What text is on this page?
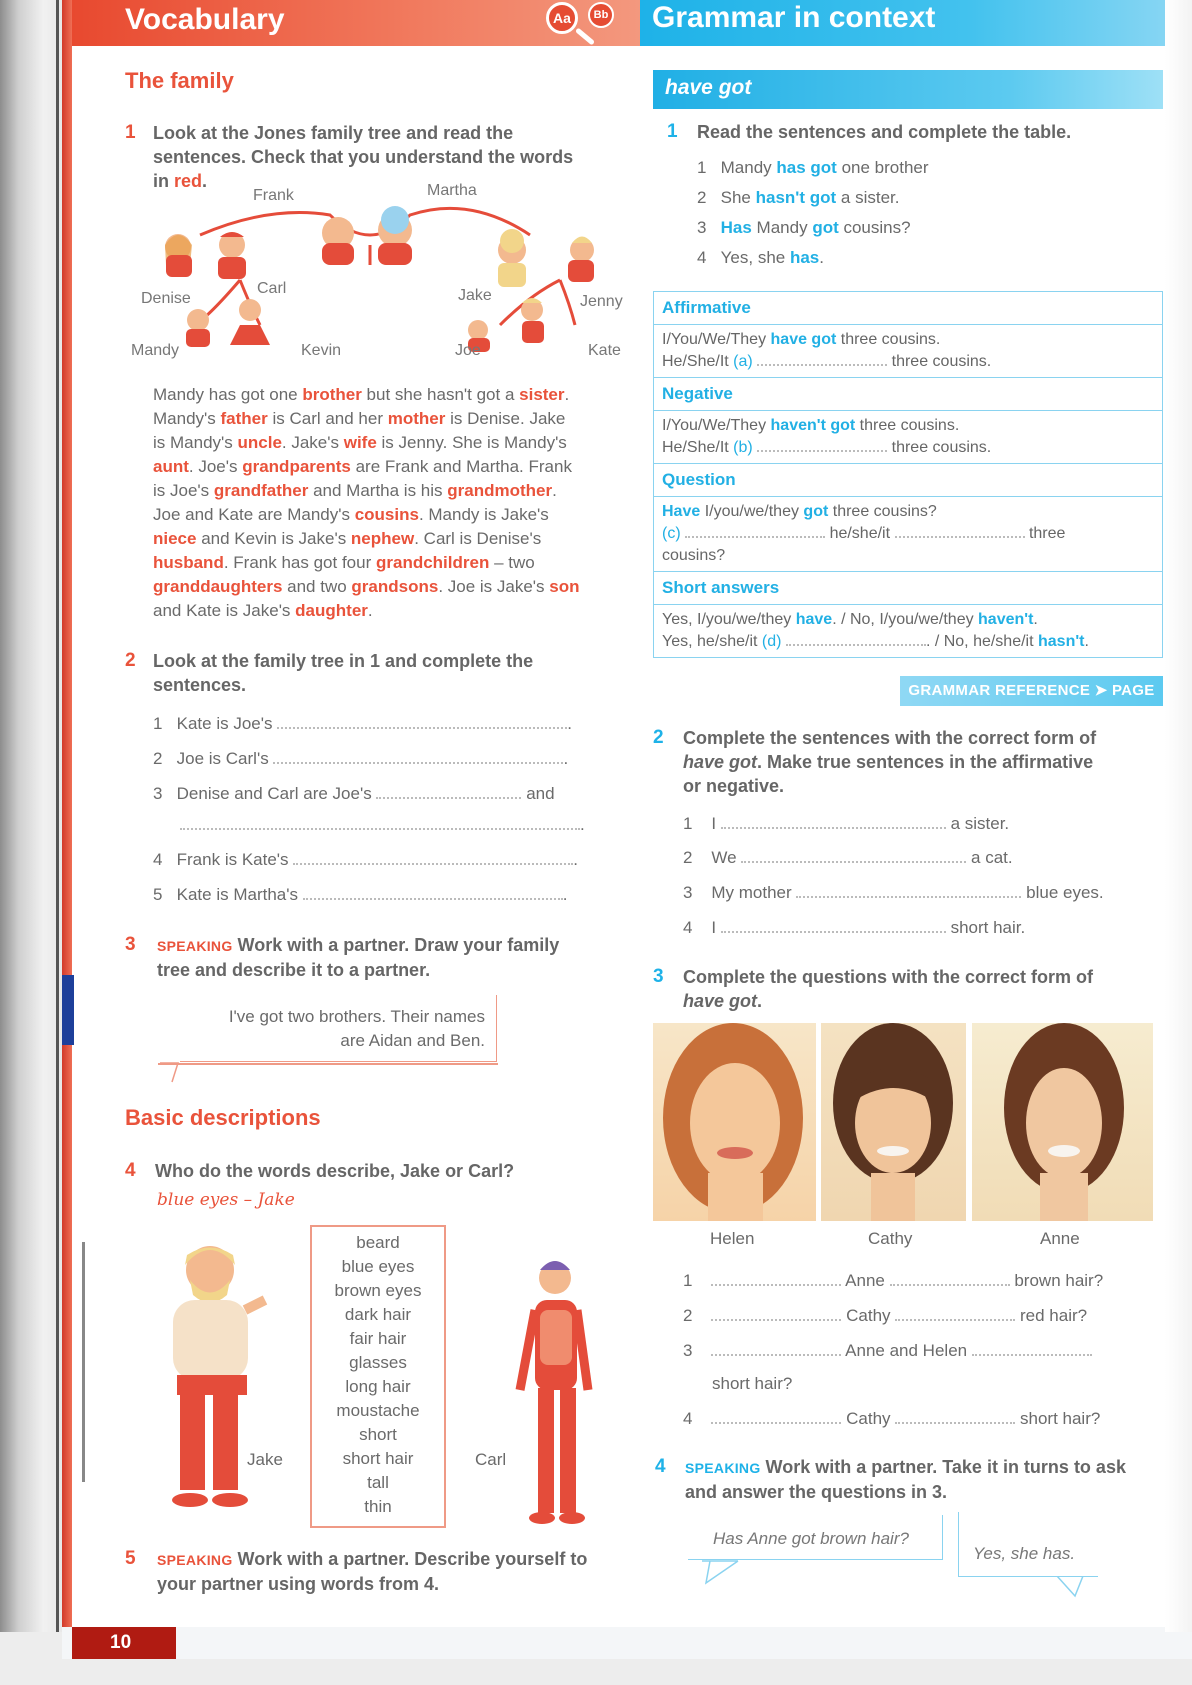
10
Vocabulary	Aa	Bb Grammar in context
The family
1 Look at the Jones family tree and read the
sentences. Check that you understand the words
in red.
Frank	Martha
Denise
Carl	Jake	Jenny
Mandy	Kevin	Joe	Kate
Mandy has got one brother but she hasn't got a sister.
Mandy's father is Carl and her mother is Denise. Jake
is Mandy's uncle. Jake's wife is Jenny. She is Mandy's
aunt. Joe's grandparents are Frank and Martha. Frank
is Joe's grandfather and Martha is his grandmother.
Joe and Kate are Mandy's cousins. Mandy is Jake's
niece and Kevin is Jake's nephew. Carl is Denise's
husband. Frank has got four grandchildren – two
granddaughters and two grandsons. Joe is Jake's son
and Kate is Jake's daughter.
2 Look at the family tree in 1 and complete the
sentences.
1 Kate is Joe's	.
2 Joe is Carl's	.
3 Denise and Carl are Joe's	and
.
4 Frank is Kate's	.
5 Kate is Martha's	.
3 SPEAKING Work with a partner. Draw your family
tree and describe it to a partner.
I've got two brothers. Their names
are Aidan and Ben.
Basic descriptions
4 Who do the words describe, Jake or Carl?
blue eyes – Jake
Jake
beard
blue eyes
brown eyes
dark hair
fair hair
glasses
long hair
moustache
short
short hair
tall
thin
Carl
5 SPEAKING Work with a partner. Describe yourself to
your partner using words from 4.
have got
1 Read the sentences and complete the table.
1 Mandy has got one brother
2 She hasn't got a sister.
3 Has Mandy got cousins?
4 Yes, she has.
Affirmative
I/You/We/They have got three cousins.
He/She/It (a)	three cousins.
Negative
I/You/We/They haven't got three cousins.
He/She/It (b)	three cousins.
Question
Have I/you/we/they got three cousins?
(c)	he/she/it	three
cousins?
Short answers
Yes, I/you/we/they have. / No, I/you/we/they haven't.
Yes, he/she/it (d)	. / No, he/she/it hasn't.
GRAMMAR REFERENCE ➤ PAGE 12
2 Complete the sentences with the correct form of
have got. Make true sentences in the affirmative
or negative.
1 I	a sister.
2 We	a cat.
3 My mother	blue eyes.
4 I	short hair.
3 Complete the questions with the correct form of
have got.
Helen	Cathy	Anne
1	Anne	brown hair?
2	Cathy	red hair?
3	Anne and Helen
short hair?
4	Cathy	short hair?
4 SPEAKING Work with a partner. Take it in turns to ask
and answer the questions in 3.
Has Anne got brown hair?
Yes, she has.
